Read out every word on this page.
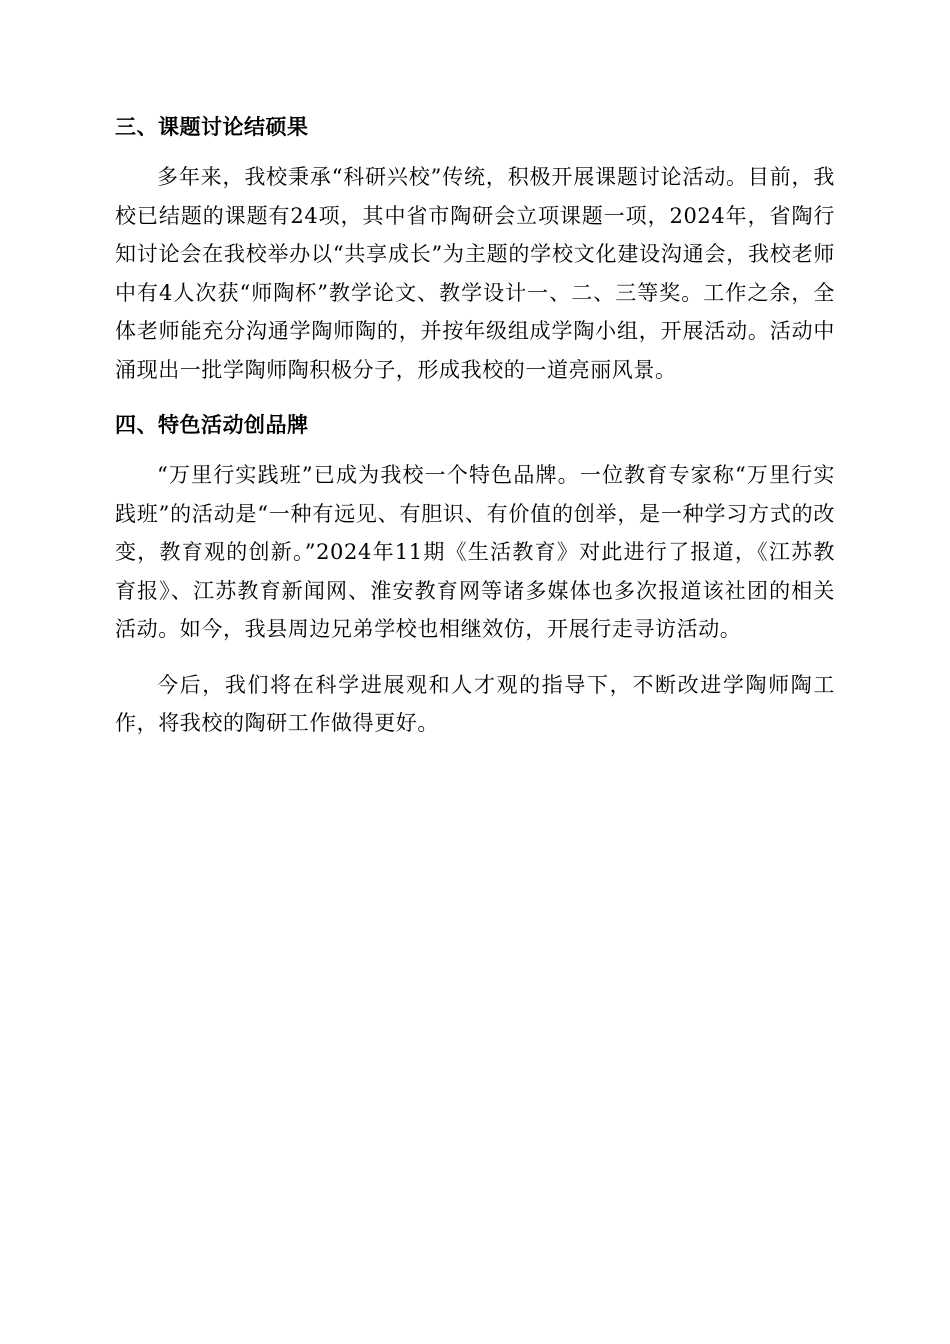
三、课题讨论结硕果

多年来，我校秉承“科研兴校”传统，积极开展课题讨论活动。目前，我校已结题的课题有24项，其中省市陶研会立项课题一项，2024年，省陶行知讨论会在我校举办以“共享成长”为主题的学校文化建设沟通会，我校老师中有4人次获“师陶杯”教学论文、教学设计一、二、三等奖。工作之余，全体老师能充分沟通学陶师陶的，并按年级组成学陶小组，开展活动。活动中涌现出一批学陶师陶积极分子，形成我校的一道亮丽风景。

四、特色活动创品牌

“万里行实践班”已成为我校一个特色品牌。一位教育专家称“万里行实践班”的活动是“一种有远见、有胆识、有价值的创举，是一种学习方式的改变，教育观的创新。”2024年11期《生活教育》对此进行了报道，《江苏教育报》、江苏教育新闻网、淮安教育网等诸多媒体也多次报道该社团的相关活动。如今，我县周边兄弟学校也相继效仿，开展行走寻访活动。

今后，我们将在科学进展观和人才观的指导下，不断改进学陶师陶工作，将我校的陶研工作做得更好。
